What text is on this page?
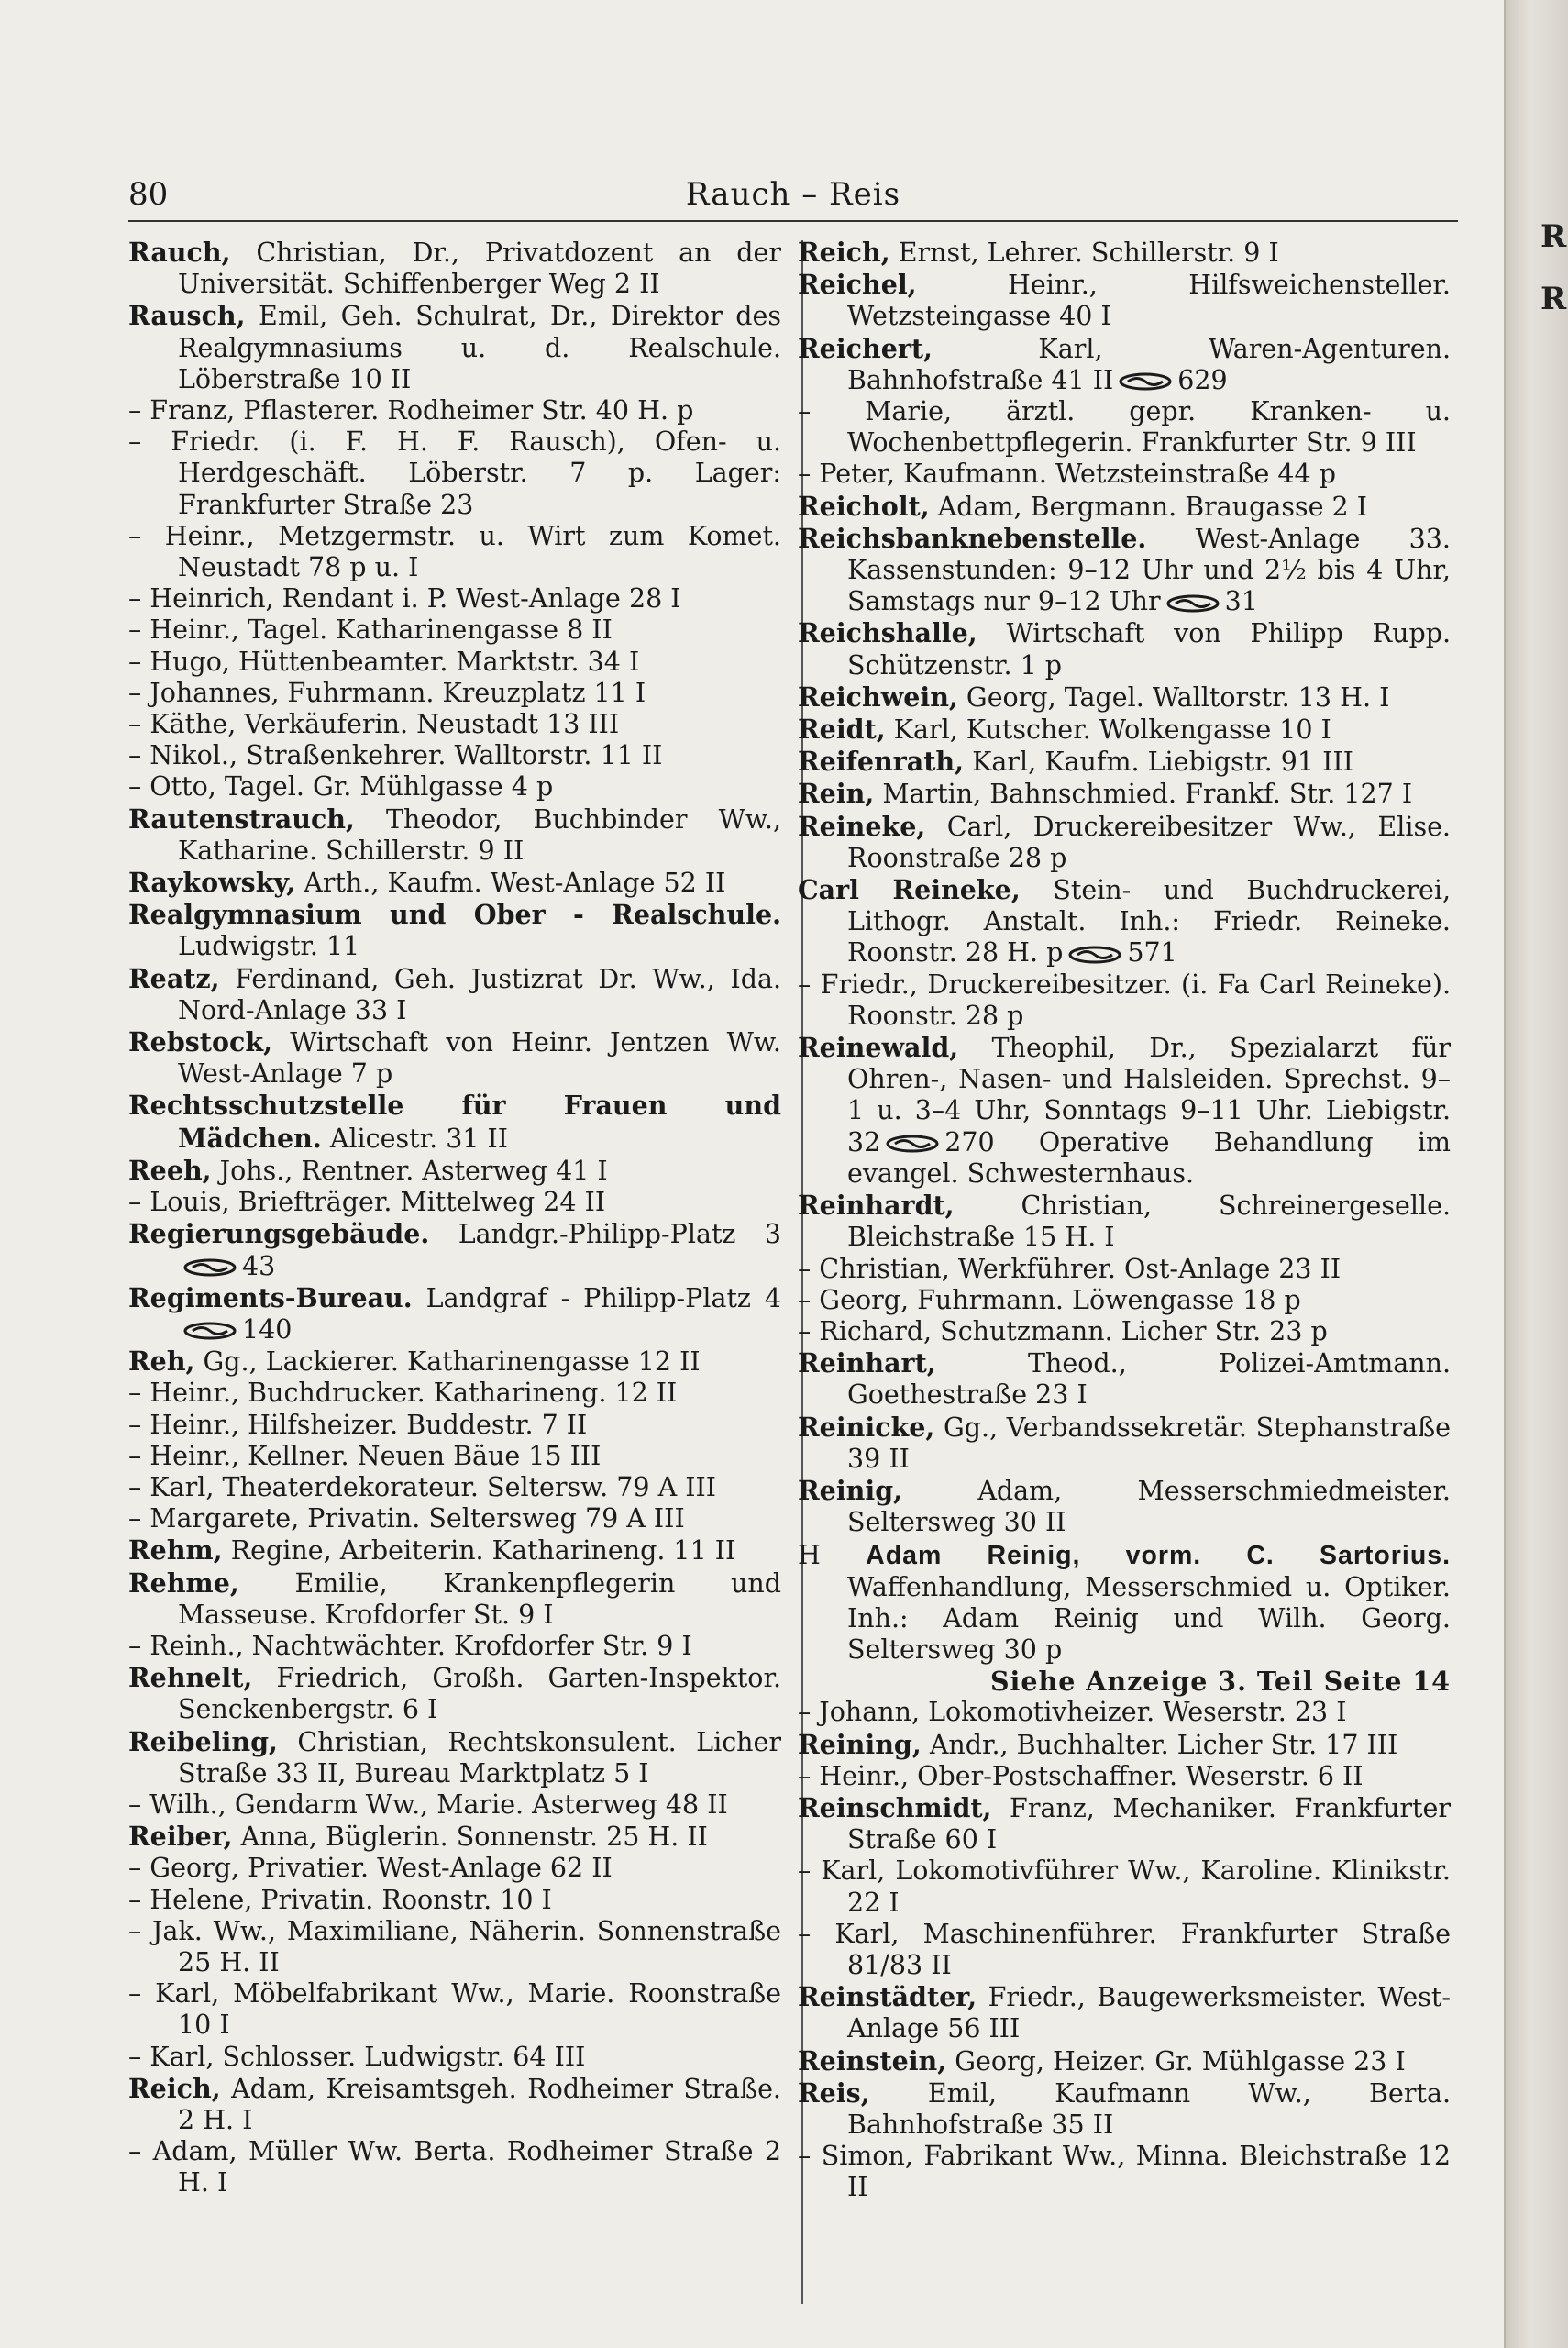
80	Rauch – Reis

Rauch, Christian, Dr., Privatdozent an der Universität. Schiffenberger Weg 2 II

Rausch, Emil, Geh. Schulrat, Dr., Direktor des Realgymnasiums u. d. Realschule. Löberstraße 10 II

– Franz, Pflasterer. Rodheimer Str. 40 H. p

– Friedr. (i. F. H. F. Rausch), Ofen- u. Herdgeschäft. Löberstr. 7 p. Lager: Frankfurter Straße 23

– Heinr., Metzgermstr. u. Wirt zum Komet. Neustadt 78 p u. I

– Heinrich, Rendant i. P. West-Anlage 28 I

– Heinr., Tagel. Katharinengasse 8 II

– Hugo, Hüttenbeamter. Marktstr. 34 I

– Johannes, Fuhrmann. Kreuzplatz 11 I

– Käthe, Verkäuferin. Neustadt 13 III

– Nikol., Straßenkehrer. Walltorstr. 11 II

– Otto, Tagel. Gr. Mühlgasse 4 p

Rautenstrauch, Theodor, Buchbinder Ww., Katharine. Schillerstr. 9 II

Raykowsky, Arth., Kaufm. West-Anlage 52 II

Realgymnasium und Ober - Realschule. Ludwigstr. 11

Reatz, Ferdinand, Geh. Justizrat Dr. Ww., Ida. Nord-Anlage 33 I

Rebstock, Wirtschaft von Heinr. Jentzen Ww. West-Anlage 7 p

Rechtsschutzstelle für Frauen und Mädchen. Alicestr. 31 II

Reeh, Johs., Rentner. Asterweg 41 I

– Louis, Briefträger. Mittelweg 24 II

Regierungsgebäude. Landgr.-Philipp-Platz 3
43

Regiments-Bureau. Landgraf - Philipp-Platz 4
140

Reh, Gg., Lackierer. Katharinengasse 12 II

– Heinr., Buchdrucker. Katharineng. 12 II

– Heinr., Hilfsheizer. Buddestr. 7 II

– Heinr., Kellner. Neuen Bäue 15 III

– Karl, Theaterdekorateur. Seltersw. 79 A III

– Margarete, Privatin. Seltersweg 79 A III

Rehm, Regine, Arbeiterin. Katharineng. 11 II

Rehme, Emilie, Krankenpflegerin und Masseuse. Krofdorfer St. 9 I

– Reinh., Nachtwächter. Krofdorfer Str. 9 I

Rehnelt, Friedrich, Großh. Garten-Inspektor. Senckenbergstr. 6 I

Reibeling, Christian, Rechtskonsulent. Licher Straße 33 II, Bureau Marktplatz 5 I

– Wilh., Gendarm Ww., Marie. Asterweg 48 II

Reiber, Anna, Büglerin. Sonnenstr. 25 H. II

– Georg, Privatier. West-Anlage 62 II

– Helene, Privatin. Roonstr. 10 I

– Jak. Ww., Maximiliane, Näherin. Sonnenstraße 25 H. II

– Karl, Möbelfabrikant Ww., Marie. Roonstraße 10 I

– Karl, Schlosser. Ludwigstr. 64 III

Reich, Adam, Kreisamtsgeh. Rodheimer Straße. 2 H. I

– Adam, Müller Ww. Berta. Rodheimer Straße 2 H. I

Reich, Ernst, Lehrer. Schillerstr. 9 I

Reichel,	Heinr., Hilfsweichensteller. Wetzsteingasse 40 I

Reichert,	Karl, Waren-Agenturen. Bahnhofstraße 41 II 629

– Marie, ärztl. gepr. Kranken- u. Wochenbettpflegerin. Frankfurter Str. 9 III

– Peter, Kaufmann. Wetzsteinstraße 44 p

Reicholt, Adam, Bergmann. Braugasse 2 I

Reichsbanknebenstelle. West-Anlage 33. Kassenstunden: 9–12 Uhr und 2½ bis 4 Uhr, Samstags nur 9–12 Uhr 31

Reichshalle, Wirtschaft von Philipp Rupp. Schützenstr. 1 p

Reichwein, Georg, Tagel. Walltorstr. 13 H. I

Reidt, Karl, Kutscher. Wolkengasse 10 I

Reifenrath, Karl, Kaufm. Liebigstr. 91 III

Rein, Martin, Bahnschmied. Frankf. Str. 127 I

Reineke, Carl, Druckereibesitzer Ww., Elise. Roonstraße 28 p

Carl Reineke, Stein- und Buchdruckerei, Lithogr. Anstalt. Inh.: Friedr. Reineke. Roonstr. 28 H. p 571

– Friedr., Druckereibesitzer. (i. Fa Carl Reineke). Roonstr. 28 p

Reinewald, Theophil, Dr., Spezialarzt für Ohren-, Nasen- und Halsleiden. Sprechst. 9–1 u. 3–4 Uhr, Sonntags 9–11 Uhr. Liebigstr. 32 270 Operative Behandlung im evangel. Schwesternhaus.

Reinhardt,	Christian, Schreinergeselle. Bleichstraße 15 H. I

– Christian, Werkführer. Ost-Anlage 23 II

– Georg, Fuhrmann. Löwengasse 18 p

– Richard, Schutzmann. Licher Str. 23 p

Reinhart,	Theod., Polizei-Amtmann. Goethestraße 23 I

Reinicke, Gg., Verbandssekretär. Stephanstraße 39 II

Reinig,	Adam, Messerschmiedmeister. Seltersweg 30 II

H Adam Reinig, vorm. C. Sartorius. Waffenhandlung, Messerschmied u. Optiker. Inh.: Adam Reinig und Wilh. Georg. Seltersweg 30 p

Siehe Anzeige 3. Teil Seite 14

– Johann, Lokomotivheizer. Weserstr. 23 I

Reining, Andr., Buchhalter. Licher Str. 17 III

– Heinr., Ober-Postschaffner. Weserstr. 6 II

Reinschmidt, Franz, Mechaniker. Frankfurter Straße 60 I

– Karl, Lokomotivführer Ww., Karoline. Klinikstr. 22 I

– Karl, Maschinenführer. Frankfurter Straße 81/83 II

Reinstädter, Friedr., Baugewerksmeister. West-Anlage 56 III

Reinstein, Georg, Heizer. Gr. Mühlgasse 23 I

Reis, Emil, Kaufmann Ww., Berta. Bahnhofstraße 35 II

– Simon, Fabrikant Ww., Minna. Bleichstraße 12 II

R
R
